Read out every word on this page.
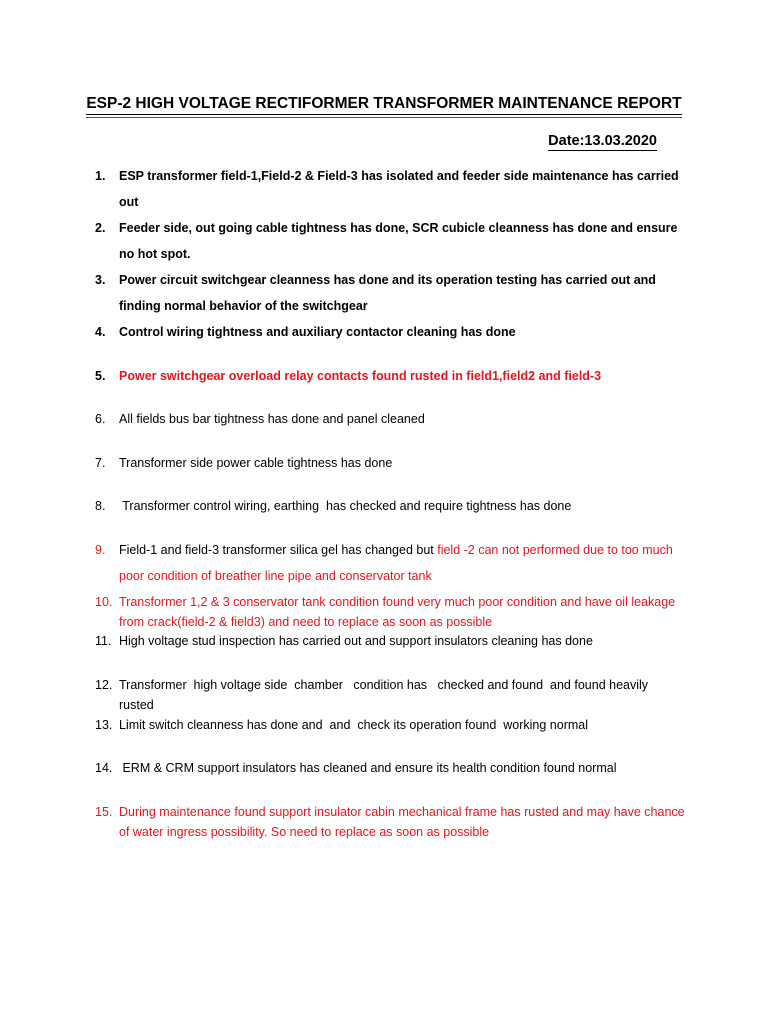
ESP-2 HIGH VOLTAGE RECTIFORMER TRANSFORMER MAINTENANCE REPORT
Date:13.03.2020
1.	ESP transformer field-1,Field-2 & Field-3 has isolated and feeder side maintenance has carried out
2.	Feeder side, out going cable tightness has done, SCR cubicle cleanness has done and ensure no hot spot.
3.	Power circuit switchgear cleanness has done and its operation testing has carried out and finding normal behavior of the switchgear
4.	Control wiring tightness and auxiliary contactor cleaning has done
5.	Power switchgear overload relay contacts found rusted in field1,field2 and field-3
6.	All fields bus bar tightness has done and panel cleaned
7.	Transformer side power cable tightness has done
8.	Transformer control wiring, earthing  has checked and require tightness has done
9.	Field-1 and field-3 transformer silica gel has changed but field -2 can not performed due to too much poor condition of breather line pipe and conservator tank
10. Transformer 1,2 & 3 conservator tank condition found very much poor condition and have oil leakage from crack(field-2 & field3) and need to replace as soon as possible
11. High voltage stud inspection has carried out and support insulators cleaning has done
12. Transformer  high voltage side  chamber   condition has   checked and found  and found heavily rusted
13. Limit switch cleanness has done and  and  check its operation found  working normal
14. ERM & CRM support insulators has cleaned and ensure its health condition found normal
15. During maintenance found support insulator cabin mechanical frame has rusted and may have chance of water ingress possibility. So need to replace as soon as possible
